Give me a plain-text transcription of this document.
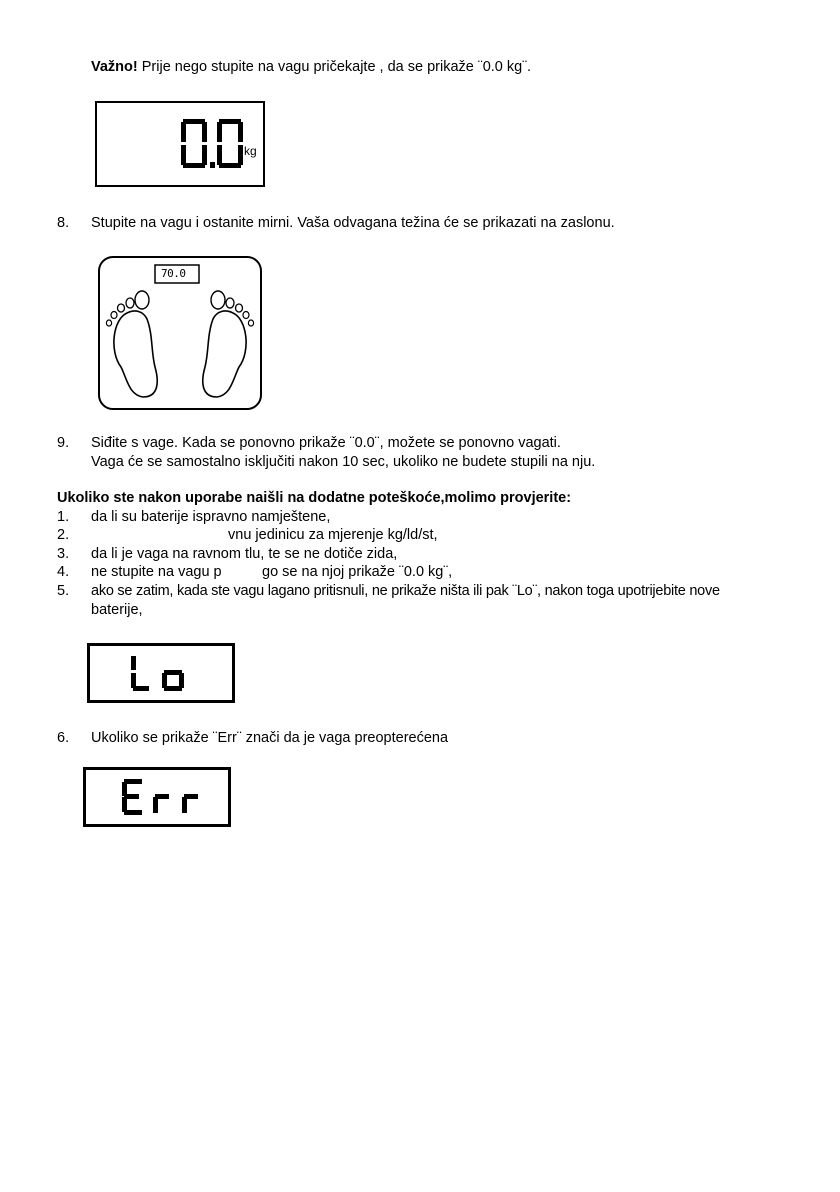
Važno! Prije nego stupite na vagu pričekajte , da se prikaže ¨0.0 kg¨.
kg
8. Stupite na vagu i ostanite mirni. Vaša odvagana težina će se prikazati na zaslonu.
70.0
9. Siđite s vage. Kada se ponovno prikaže ¨0.0¨, možete se ponovno vagati.
Vaga će se samostalno isključiti nakon 10 sec, ukoliko ne budete stupili na nju.
Ukoliko ste nakon uporabe naišli na dodatne poteškoće,molimo provjerite:
1. da li su baterije ispravno namještene,
2.	vnu jedinicu za mjerenje kg/ld/st,
3. da li je vaga na ravnom tlu, te se ne dotiče zida,
4. ne stupite na vagu p	go se na njoj prikaže ¨0.0 kg¨,
5. ako se zatim, kada ste vagu lagano pritisnuli, ne prikaže ništa ili pak ¨Lo¨, nakon toga upotrijebite nove
baterije,
6. Ukoliko se prikaže ¨Err¨ znači da je vaga preopterećena
